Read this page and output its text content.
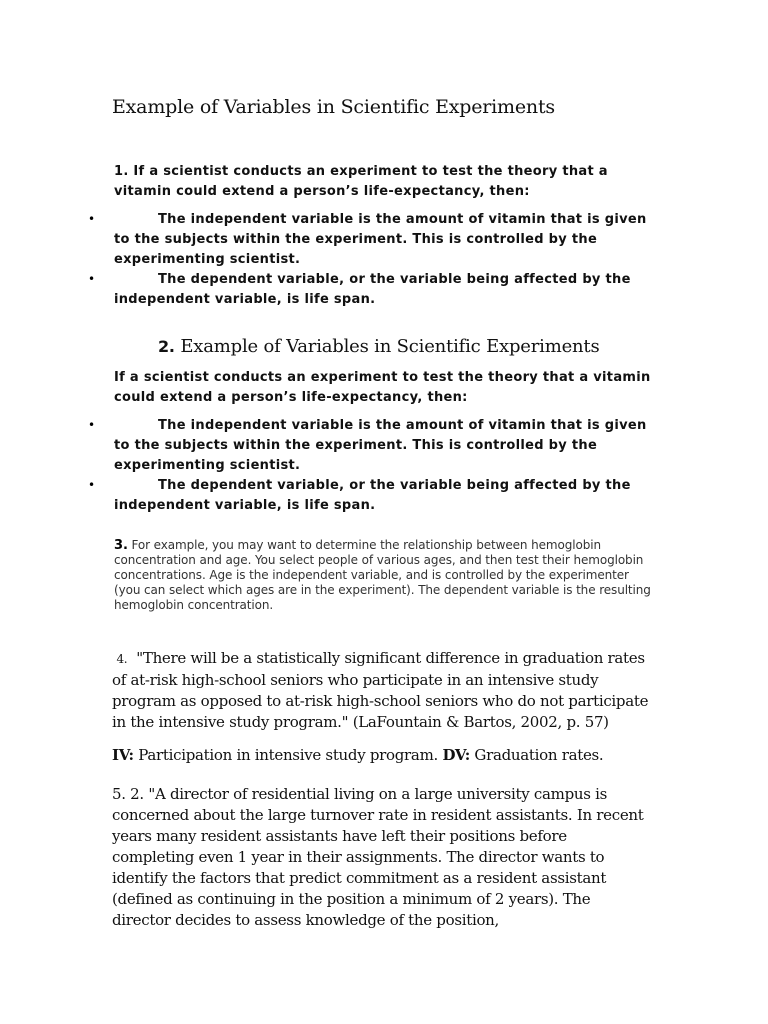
Example of Variables in Scientific Experiments
1. If a scientist conducts an experiment to test the theory that a vitamin could extend a person’s life-expectancy, then:
•	The independent variable is the amount of vitamin that is given to the subjects within the experiment. This is controlled by the experimenting scientist.
•	The dependent variable, or the variable being affected by the independent variable, is life span.
2. Example of Variables in Scientific Experiments
If a scientist conducts an experiment to test the theory that a vitamin could extend a person’s life-expectancy, then:
•	The independent variable is the amount of vitamin that is given to the subjects within the experiment. This is controlled by the experimenting scientist.
•	The dependent variable, or the variable being affected by the independent variable, is life span.
3. For example, you may want to determine the relationship between hemoglobin concentration and age. You select people of various ages, and then test their hemoglobin concentrations. Age is the independent variable, and is controlled by the experimenter (you can select which ages are in the experiment). The dependent variable is the resulting hemoglobin concentration.
4. "There will be a statistically significant difference in graduation rates of at-risk high-school seniors who participate in an intensive study program as opposed to at-risk high-school seniors who do not participate in the intensive study program." (LaFountain & Bartos, 2002, p. 57)
IV: Participation in intensive study program. DV: Graduation rates.
5. 2. "A director of residential living on a large university campus is concerned about the large turnover rate in resident assistants. In recent years many resident assistants have left their positions before completing even 1 year in their assignments. The director wants to identify the factors that predict commitment as a resident assistant (defined as continuing in the position a minimum of 2 years). The director decides to assess knowledge of the position,
